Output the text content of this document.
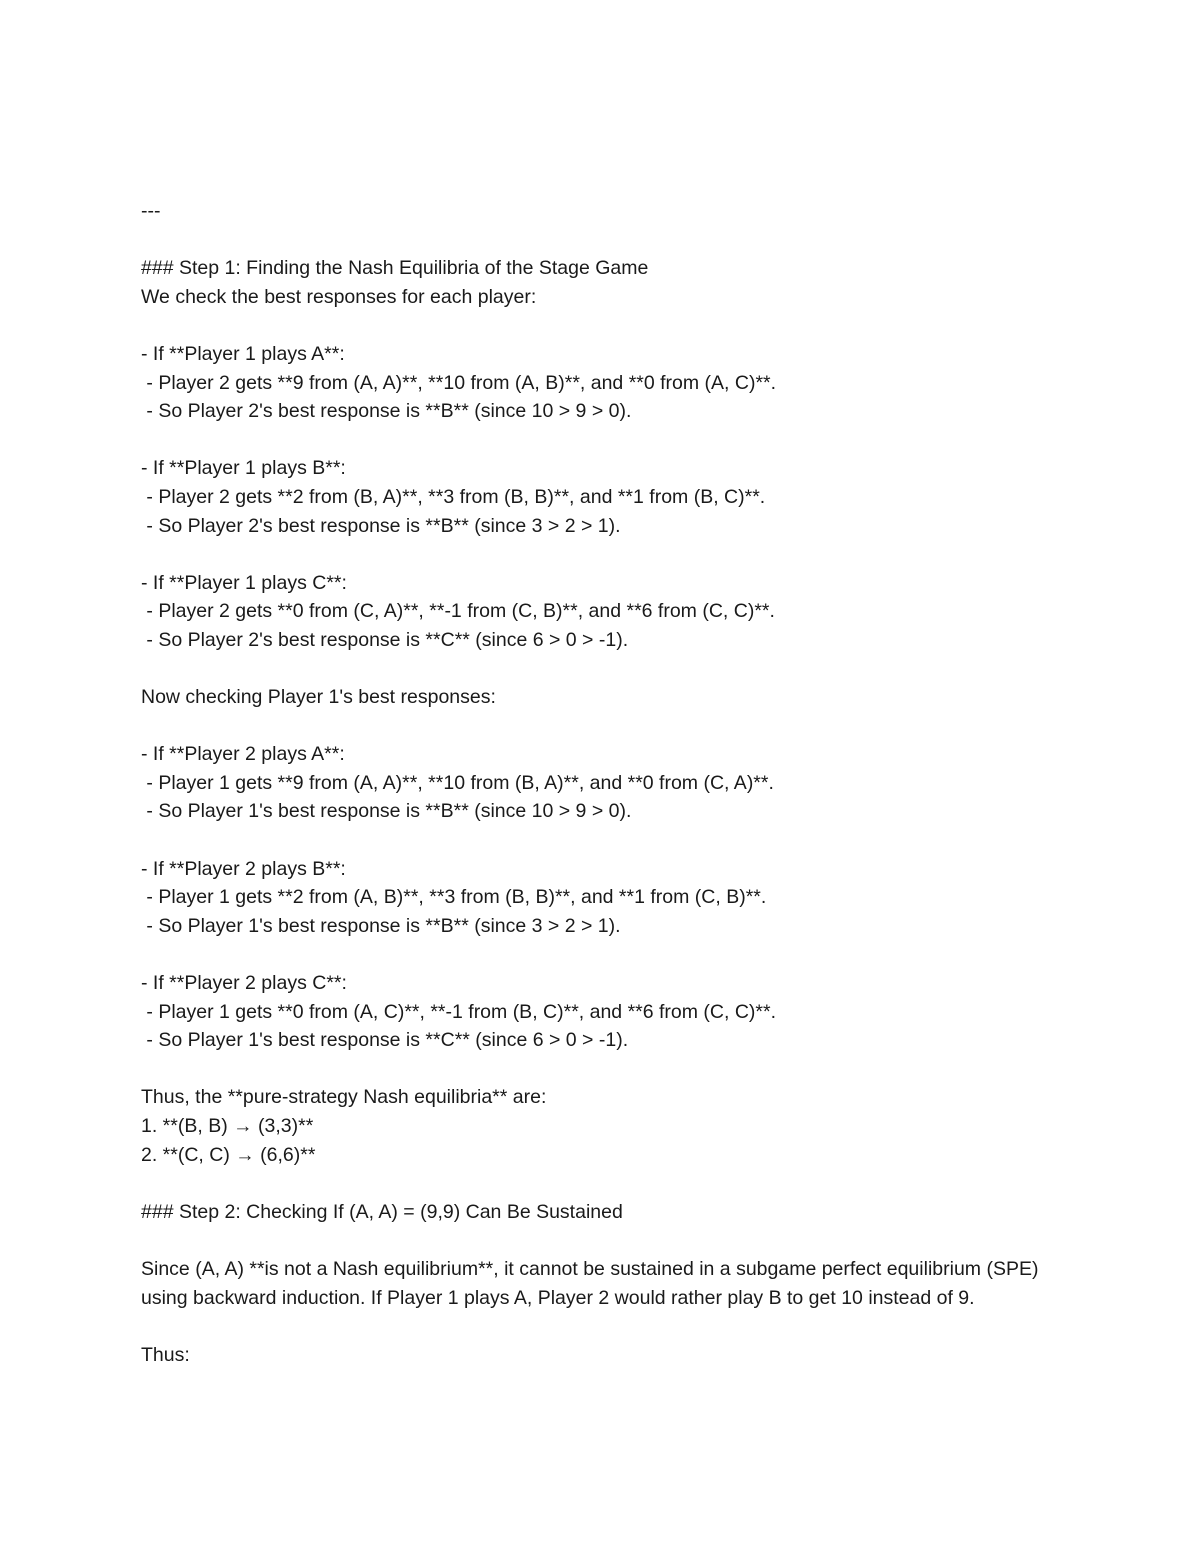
---
### Step 1: Finding the Nash Equilibria of the Stage Game
We check the best responses for each player:
- If **Player 1 plays A**:
- Player 2 gets **9 from (A, A)**, **10 from (A, B)**, and **0 from (A, C)**.
- So Player 2's best response is **B** (since 10 > 9 > 0).
- If **Player 1 plays B**:
- Player 2 gets **2 from (B, A)**, **3 from (B, B)**, and **1 from (B, C)**.
- So Player 2's best response is **B** (since 3 > 2 > 1).
- If **Player 1 plays C**:
- Player 2 gets **0 from (C, A)**, **-1 from (C, B)**, and **6 from (C, C)**.
- So Player 2's best response is **C** (since 6 > 0 > -1).
Now checking Player 1's best responses:
- If **Player 2 plays A**:
- Player 1 gets **9 from (A, A)**, **10 from (B, A)**, and **0 from (C, A)**.
- So Player 1's best response is **B** (since 10 > 9 > 0).
- If **Player 2 plays B**:
- Player 1 gets **2 from (A, B)**, **3 from (B, B)**, and **1 from (C, B)**.
- So Player 1's best response is **B** (since 3 > 2 > 1).
- If **Player 2 plays C**:
- Player 1 gets **0 from (A, C)**, **-1 from (B, C)**, and **6 from (C, C)**.
- So Player 1's best response is **C** (since 6 > 0 > -1).
Thus, the **pure-strategy Nash equilibria** are:
1. **(B, B) → (3,3)**
2. **(C, C) → (6,6)**
### Step 2: Checking If (A, A) = (9,9) Can Be Sustained
Since (A, A) **is not a Nash equilibrium**, it cannot be sustained in a subgame perfect equilibrium (SPE) using backward induction. If Player 1 plays A, Player 2 would rather play B to get 10 instead of 9.
Thus:
